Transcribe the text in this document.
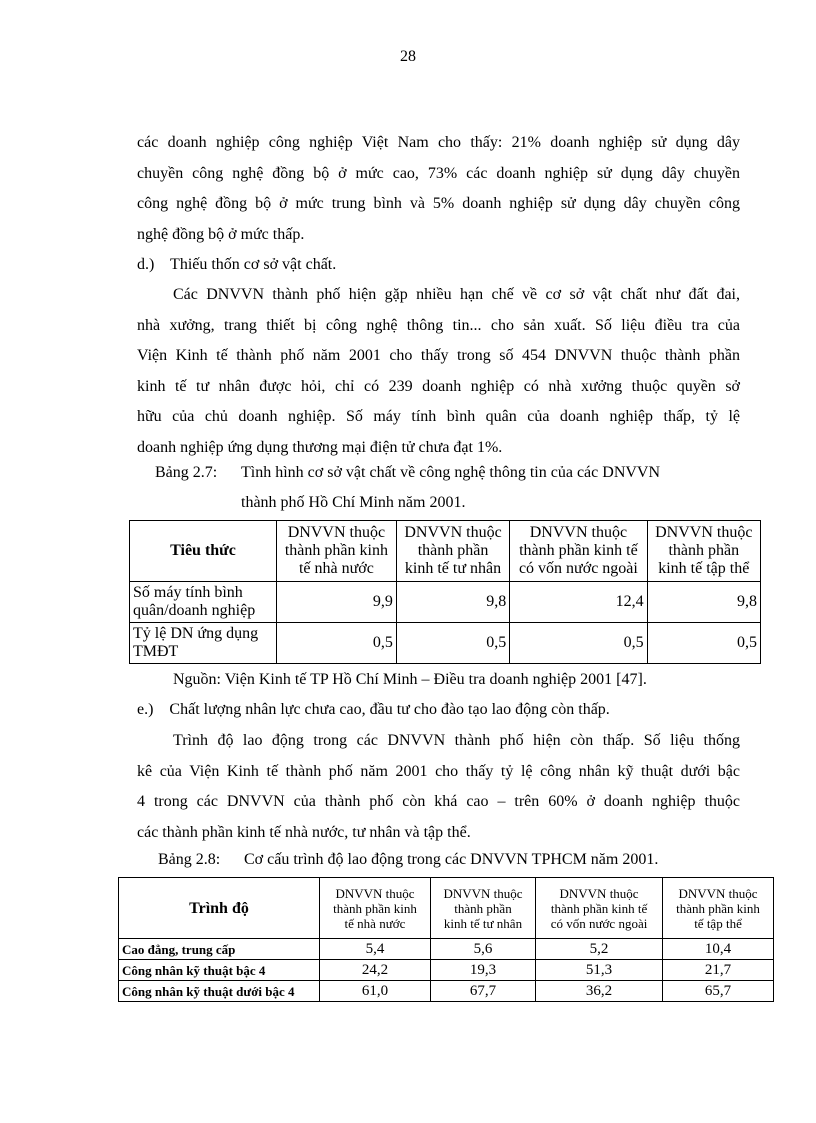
28
các doanh nghiệp công nghiệp Việt Nam cho thấy: 21% doanh nghiệp sử dụng dây
chuyền công nghệ đồng bộ ở mức cao, 73% các doanh nghiệp sử dụng dây chuyền
công nghệ đồng bộ ở mức trung bình và 5% doanh nghiệp sử dụng dây chuyền công
nghệ đồng bộ ở mức thấp.
d.)    Thiếu thốn cơ sở vật chất.
Các DNVVN thành phố hiện gặp nhiều hạn chế về cơ sở vật chất như đất đai,
nhà xưởng, trang thiết bị công nghệ thông tin... cho sản xuất. Số liệu điều tra của
Viện Kinh tế thành phố năm 2001 cho thấy trong số 454 DNVVN thuộc thành phần
kinh tế tư nhân được hỏi, chỉ có 239 doanh nghiệp có nhà xưởng thuộc quyền sở
hữu của chủ doanh nghiệp. Số máy tính bình quân của doanh nghiệp thấp, tỷ lệ
doanh nghiệp ứng dụng thương mại điện tử chưa đạt 1%.
Bảng 2.7: Tình hình cơ sở vật chất về công nghệ thông tin của các DNVVN
thành phố Hồ Chí Minh năm 2001.
Tiêu thức	DNVVN thuộc
thành phần kinh
tế nhà nước	DNVVN thuộc
thành phần
kinh tế tư nhân	DNVVN thuộc
thành phần kinh tế
có vốn nước ngoài	DNVVN thuộc
thành phần
kinh tế tập thể
Số máy tính bình
quân/doanh nghiệp	9,9	9,8	12,4	9,8
Tỷ lệ DN ứng dụng
TMĐT	0,5	0,5	0,5	0,5
Nguồn: Viện Kinh tế TP Hồ Chí Minh – Điều tra doanh nghiệp 2001 [47].
e.)    Chất lượng nhân lực chưa cao, đầu tư cho đào tạo lao động còn thấp.
Trình độ lao động trong các DNVVN thành phố hiện còn thấp. Số liệu thống
kê của Viện Kinh tế thành phố năm 2001 cho thấy tỷ lệ công nhân kỹ thuật dưới bậc
4 trong các DNVVN của thành phố còn khá cao – trên 60% ở doanh nghiệp thuộc
các thành phần kinh tế nhà nước, tư nhân và tập thể.
Bảng 2.8: Cơ cấu trình độ lao động trong các DNVVN TPHCM năm 2001.
Trình độ	DNVVN thuộc
thành phần kinh
tế nhà nước	DNVVN thuộc
thành phần
kinh tế tư nhân	DNVVN thuộc
thành phần kinh tế
có vốn nước ngoài	DNVVN thuộc
thành phần kinh
tế tập thể
Cao đẳng, trung cấp	5,4	5,6	5,2	10,4
Công nhân kỹ thuật bậc 4	24,2	19,3	51,3	21,7
Công nhân kỹ thuật dưới bậc 4	61,0	67,7	36,2	65,7
